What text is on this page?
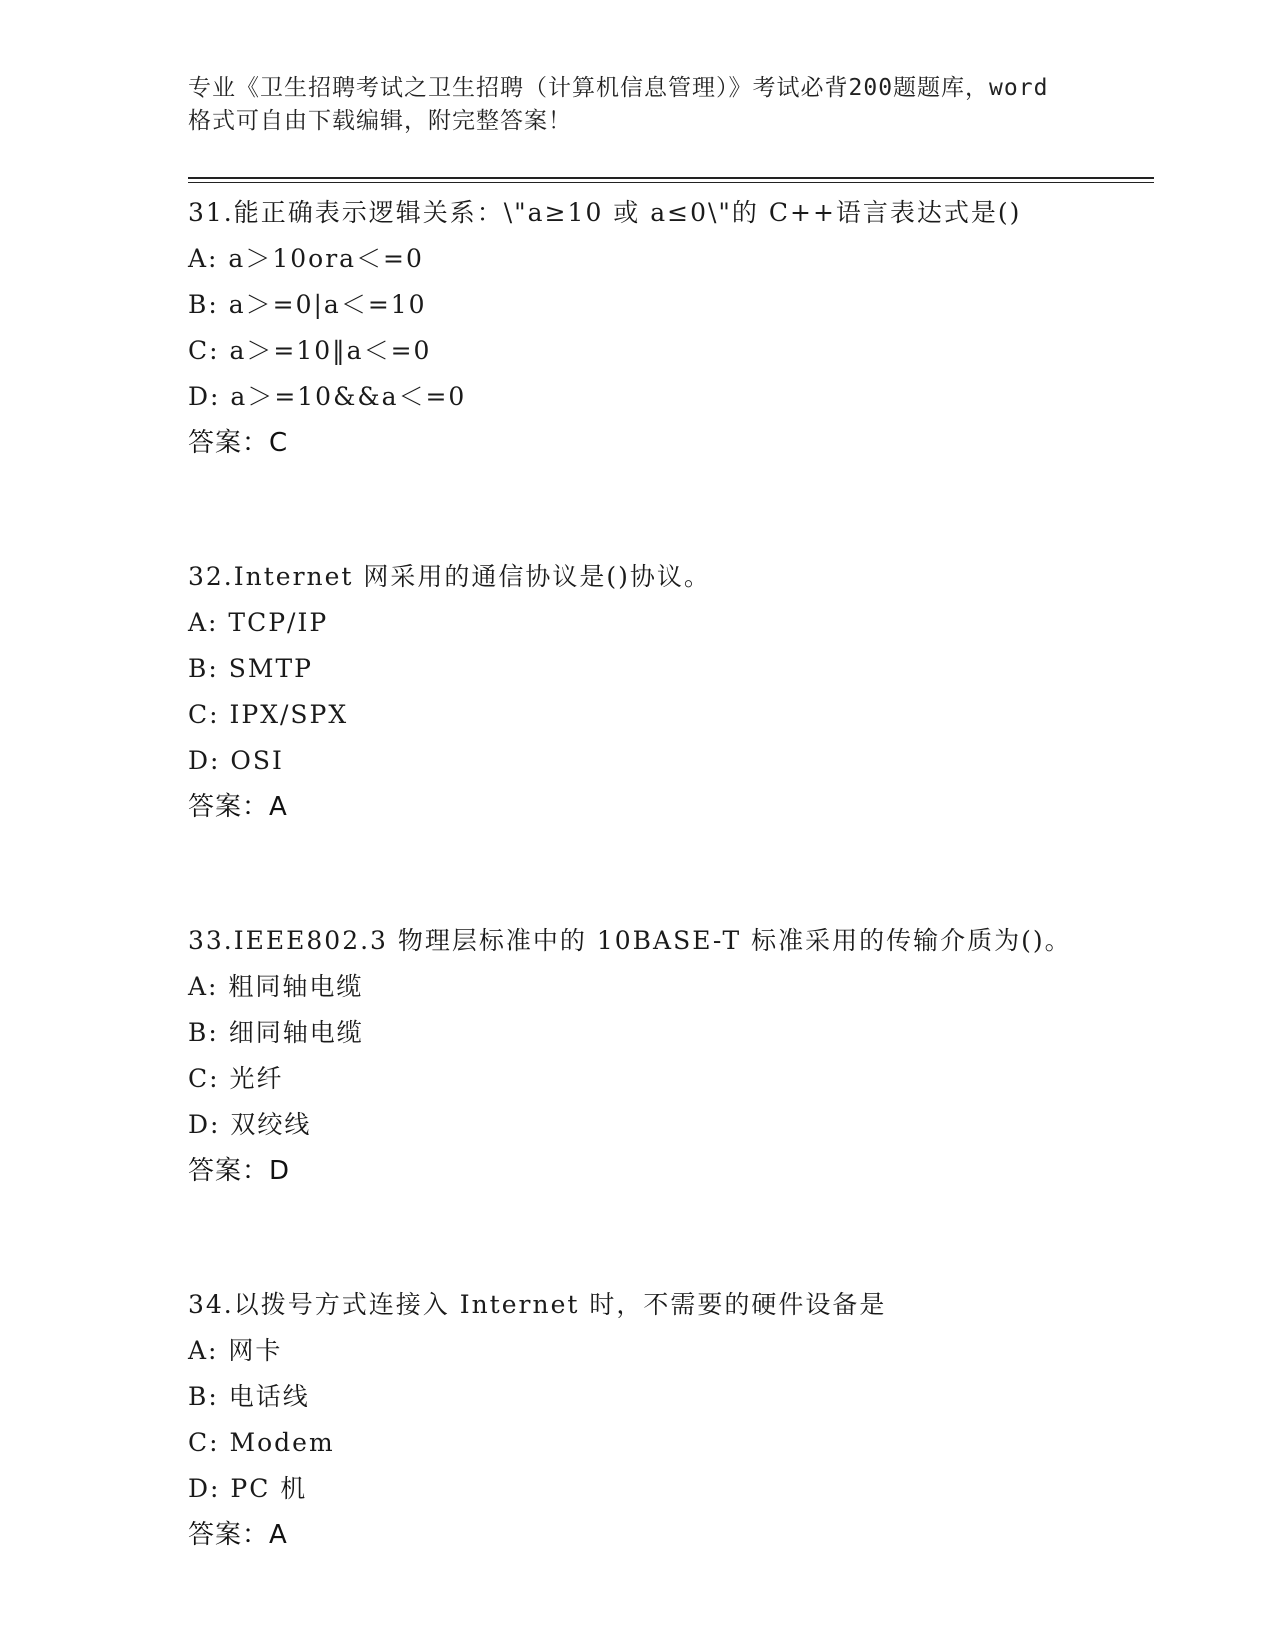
专业《卫生招聘考试之卫生招聘（计算机信息管理）》考试必背200题题库，word
格式可自由下载编辑，附完整答案！
31.能正确表示逻辑关系：\"a≥10 或 a≤0\"的 C++语言表达式是()
A: a＞10ora＜=0
B: a＞=0|a＜=10
C: a＞=10‖a＜=0
D: a＞=10&&a＜=0
答案：C
32.Internet 网采用的通信协议是()协议。
A: TCP/IP
B: SMTP
C: IPX/SPX
D: OSI
答案：A
33.IEEE802.3 物理层标准中的 10BASE-T 标准采用的传输介质为()。
A: 粗同轴电缆
B: 细同轴电缆
C: 光纤
D: 双绞线
答案：D
34.以拨号方式连接入 Internet 时，不需要的硬件设备是
A: 网卡
B: 电话线
C: Modem
D: PC 机
答案：A
